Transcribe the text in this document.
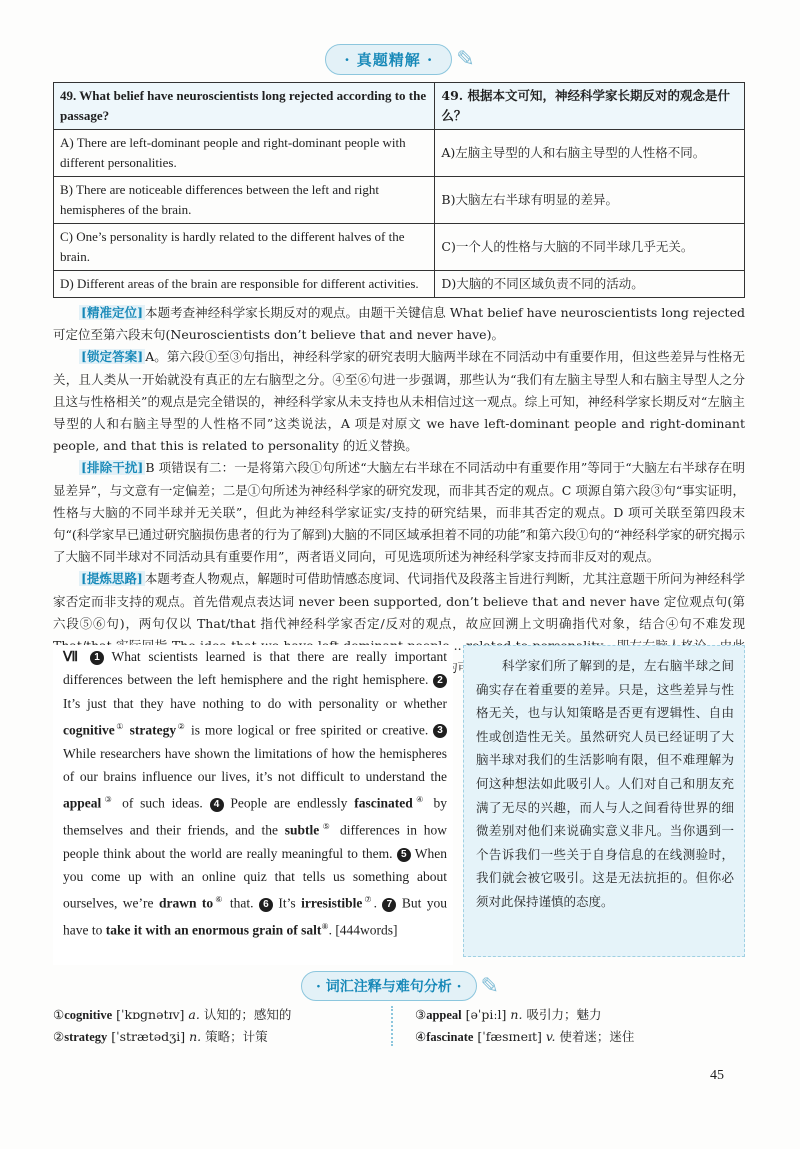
· 真题精解 ·	✎
49. What belief have neuroscientists long rejected according to the passage?	49. 根据本文可知，神经科学家长期反对的观念是什么？
A) There are left-dominant people and right-dominant people with different personalities.	A)左脑主导型的人和右脑主导型的人性格不同。
B) There are noticeable differences between the left and right hemispheres of the brain.	B)大脑左右半球有明显的差异。
C) One’s personality is hardly related to the different halves of the brain.	C)一个人的性格与大脑的不同半球几乎无关。
D) Different areas of the brain are responsible for different activities.	D)大脑的不同区域负责不同的活动。

[精准定位] 本题考查神经科学家长期反对的观点。由题干关键信息 What belief have neuroscientists long rejected 可定位至第六段末句(Neuroscientists don’t believe that and never have)。

[锁定答案] A。第六段①至③句指出，神经科学家的研究表明大脑两半球在不同活动中有重要作用，但这些差异与性格无关，且人类从一开始就没有真正的左右脑型之分。④至⑥句进一步强调，那些认为“我们有左脑主导型人和右脑主导型人之分且这与性格相关”的观点是完全错误的，神经科学家从未支持也从未相信过这一观点。综上可知，神经科学家长期反对“左脑主导型的人和右脑主导型的人性格不同”这类说法，A 项是对原文 we have left-dominant people and right-dominant people, and that this is related to personality 的近义替换。

[排除干扰] B 项错误有二：一是将第六段①句所述“大脑左右半球在不同活动中有重要作用”等同于“大脑左右半球存在明显差异”，与文意有一定偏差；二是①句所述为神经科学家的研究发现，而非其否定的观点。C 项源自第六段③句“事实证明，性格与大脑的不同半球并无关联”，但此为神经科学家证实/支持的研究结果，而非其否定的观点。D 项可关联至第四段末句“(科学家早已通过研究脑损伤患者的行为了解到)大脑的不同区域承担着不同的功能”和第六段①句的“神经科学家的研究揭示了大脑不同半球对不同活动具有重要作用”，两者语义同向，可见选项所述为神经科学家支持而非反对的观点。

[提炼思路] 本题考查人物观点，解题时可借助情感态度词、代词指代及段落主旨进行判断，尤其注意题干所问为神经科学家否定而非支持的观点。首先借观点表达词 never been supported, don’t believe that and never have 定位观点句(第六段⑤⑥句)，两句仅以 That/that 指代神经科学家否定/反对的观点，故应回溯上文明确指代对象，结合④句不难发现

Ⅶ 1 What scientists learned is that there are really important differences between the left hemisphere and the right hemisphere. 2 It’s just that they have nothing to do with personality or whether cognitive① strategy② is more logical or free spirited or creative. 3 While researchers have shown the limitations of how the hemispheres of our brains influence our lives, it’s not difficult to understand the appeal③ of such ideas. 4 People are endlessly fascinated④ by themselves and their friends, and the subtle⑤ differences in how people think about the world are really meaningful to them. 5 When you come up with an online quiz that tells us something about ourselves, we’re drawn to⑥ that. 6 It’s irresistible⑦. 7 But you have to take it with an enormous grain of salt⑧. [444words]

科学家们所了解到的是，左右脑半球之间确实存在着重要的差异。只是，这些差异与性格无关，也与认知策略是否更有逻辑性、自由性或创造性无关。虽然研究人员已经证明了大脑半球对我们的生活影响有限，但不难理解为何这种想法如此吸引人。人们对自己和朋友充满了无尽的兴趣，而人与人之间看待世界的细微差别对他们来说确实意义非凡。当你遇到一个告诉我们一些关于自身信息的在线测验时，我们就会被它吸引。这是无法抗拒的。但你必须对此保持谨慎的态度。

· 词汇注释与难句分析 · ✎
①cognitive [ˈkɒɡnətɪv] a. 认知的；感知的
②strategy [ˈstrætədʒi] n. 策略；计策
③appeal [əˈpiːl] n. 吸引力；魅力
④fascinate [ˈfæsɪneɪt] v. 使着迷；迷住
45
